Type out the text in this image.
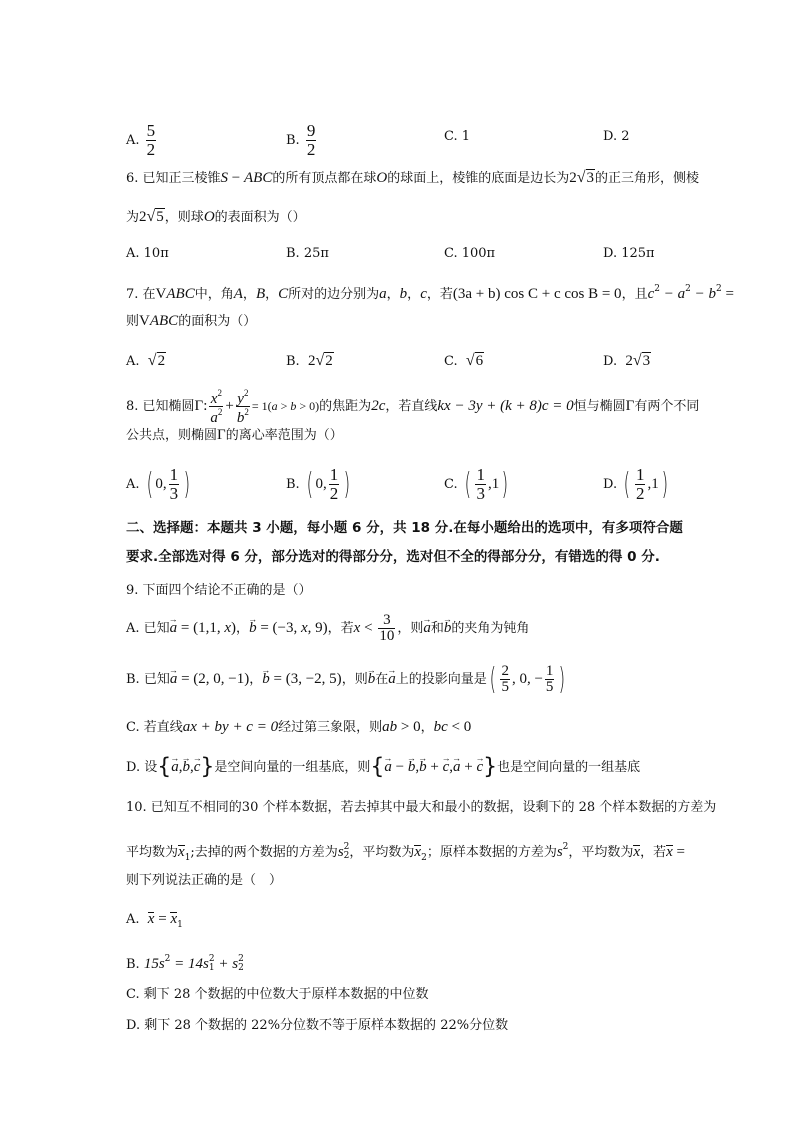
A. $\frac{5}{2}$	B. $\frac{9}{2}$	C. 1	D. 2
6. 已知正三棱锥S − ABC的所有顶点都在球O的球面上，棱锥的底面是边长为2√3的正三角形，侧棱
为2√5，则球O的表面积为（）
A. 10π	B. 25π	C. 100π	D. 125π
7. 在VABC中，角A，B，C所对的边分别为a，b，c，若(3a + b) cos C + c cos B = 0，且$c^2 - a^2 - b^2$ =
则VABC的面积为（）
A. √2	B. 2√2	C. √6	D. 2√3
8. 已知椭圆Γ: $\frac{x^2}{a^2} + \frac{y^2}{b^2} = 1(a > b > 0)$的焦距为2c，若直线kx − 3y + (k + 8)c = 0恒与椭圆Γ有两个不同
公共点，则椭圆Γ的离心率范围为（）
A. ( 0, $\frac{1}{3}$ )	B. ( 0, $\frac{1}{2}$ )	C. ( $\frac{1}{3} ,1$)	D. ( $\frac{1}{2} ,1$)
二、选择题：本题共 3 小题，每小题 6 分，共 18 分.在每小题给出的选项中，有多项符合题
要求.全部选对得 6 分，部分选对的得部分分，选对但不全的得部分分，有错选的得 0 分.
9. 下面四个结论不正确的是（）
A. 已知→ a = (1,1, x)，→ b = (−3, x, 9)，若$x < \frac{3}{10}$ ，则→ a和→ b的夹角为钝角
B. 已知→ a = (2, 0, −1)，→ b = (3, −2, 5)，则→ b在→ a上的投影向量是( $\frac{2}{5}$ , 0, − $\frac{1}{5}$ )
C. 若直线ax + by + c = 0经过第三象限，则ab > 0，bc < 0
D. 设{→ a,→ b,→ c}是空间向量的一组基底，则{→ a − → b,→ b + → c,→ a + → c}也是空间向量的一组基底
10. 已知互不相同的30 个样本数据，若去掉其中最大和最小的数据，设剩下的 28 个样本数据的方差为
平均数为$x_1$;去掉的两个数据的方差为s2
2，平均数为$x_2$；原样本数据的方差为$s^2$，平均数为x，若x =
则下列说法正确的是（　）
A. $x = x_1$
B. $15s^2 = 14s2$
1 + s2
2
C. 剩下 28 个数据的中位数大于原样本数据的中位数
D. 剩下 28 个数据的 22%分位数不等于原样本数据的 22%分位数
